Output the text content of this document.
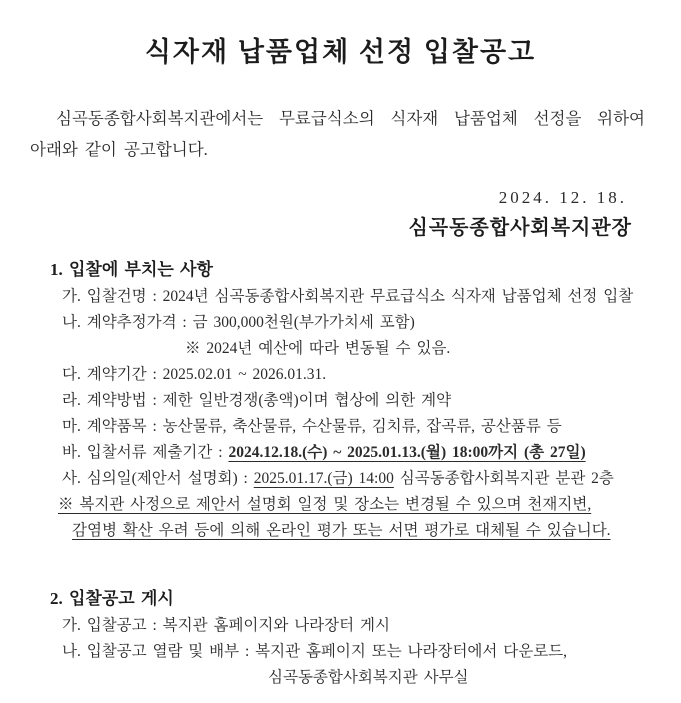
식자재 납품업체 선정 입찰공고

심곡동종합사회복지관에서는 무료급식소의 식자재 납품업체 선정을 위하여 아래와 같이 공고합니다.

2024. 12. 18.
심곡동종합사회복지관장
1. 입찰에 부치는 사항
가. 입찰건명 : 2024년 심곡동종합사회복지관 무료급식소 식자재 납품업체 선정 입찰
나. 계약추정가격 : 금 300,000천원(부가가치세 포함)
※ 2024년 예산에 따라 변동될 수 있음.
다. 계약기간 : 2025.02.01 ~ 2026.01.31.
라. 계약방법 : 제한 일반경쟁(총액)이며 협상에 의한 계약
마. 계약품목 : 농산물류, 축산물류, 수산물류, 김치류, 잡곡류, 공산품류 등
바. 입찰서류 제출기간 : 2024.12.18.(수) ~ 2025.01.13.(월) 18:00까지 (총 27일)
사. 심의일(제안서 설명회) : 2025.01.17.(금) 14:00 심곡동종합사회복지관 분관 2층
※ 복지관 사정으로 제안서 설명회 일정 및 장소는 변경될 수 있으며 천재지변,
감염병 확산 우려 등에 의해 온라인 평가 또는 서면 평가로 대체될 수 있습니다.
2. 입찰공고 게시
가. 입찰공고 : 복지관 홈페이지와 나라장터 게시
나. 입찰공고 열람 및 배부 : 복지관 홈페이지 또는 나라장터에서 다운로드,
심곡동종합사회복지관 사무실
